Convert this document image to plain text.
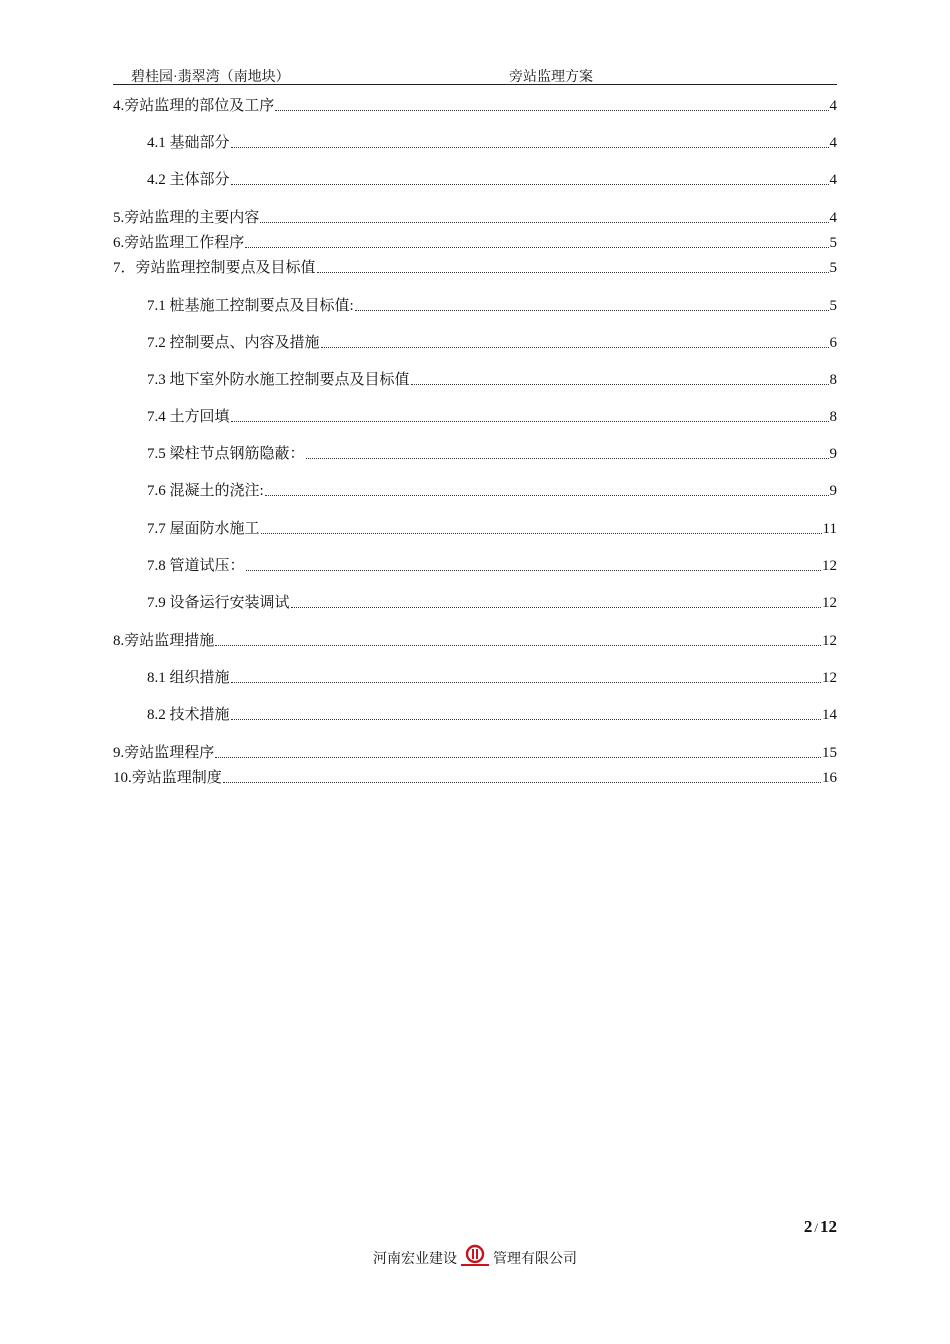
碧桂园·翡翠湾（南地块）	旁站监理方案
4.旁站监理的部位及工序	4
4.1 基础部分	4
4.2 主体部分	4
5.旁站监理的主要内容	4
6.旁站监理工作程序	5
7．旁站监理控制要点及目标值	5
7.1 桩基施工控制要点及目标值:	5
7.2 控制要点、内容及措施	6
7.3 地下室外防水施工控制要点及目标值	8
7.4 土方回填	8
7.5 梁柱节点钢筋隐蔽：	9
7.6 混凝土的浇注:	9
7.7 屋面防水施工	11
7.8 管道试压：	12
7.9 设备运行安装调试	12
8.旁站监理措施	12
8.1 组织措施	12
8.2 技术措施	14
9.旁站监理程序	15
10.旁站监理制度	16
2 / 12
河南宏业建设	管理有限公司
